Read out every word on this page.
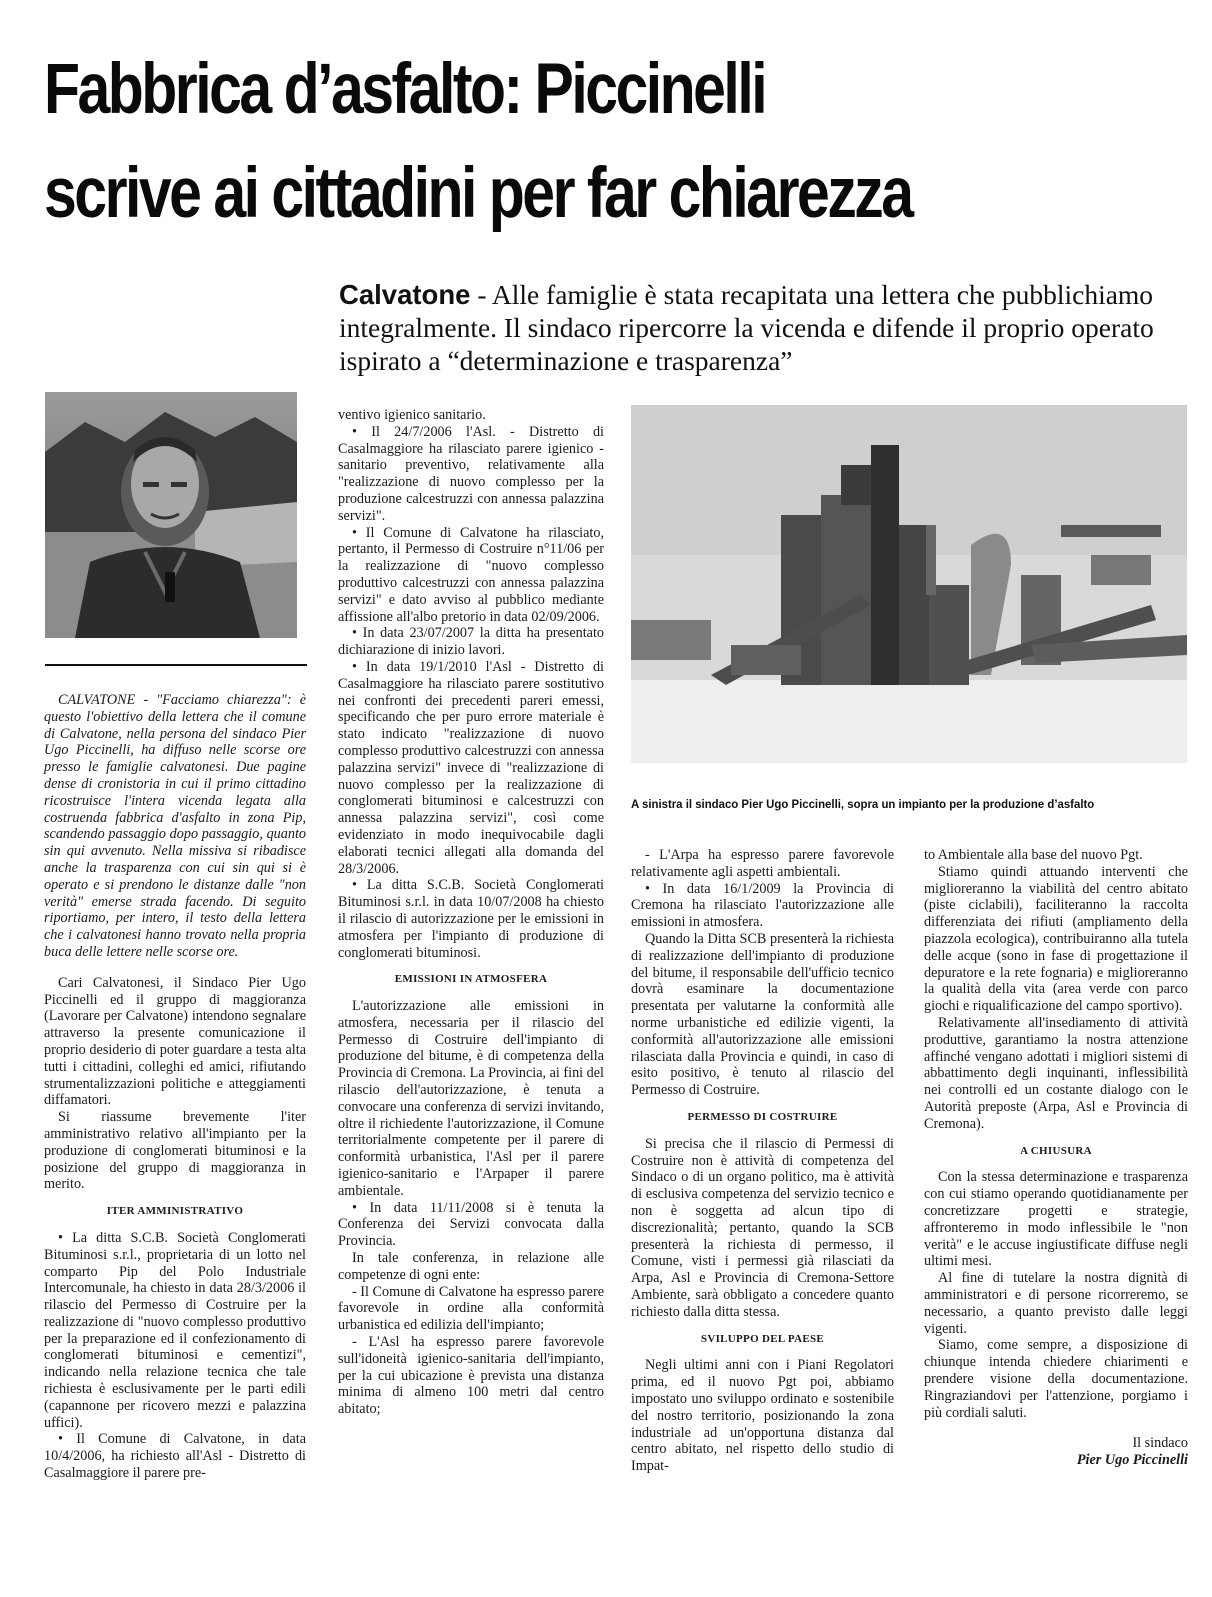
Fabbrica d’asfalto: Piccinelli
scrive ai cittadini per far chiarezza
Calvatone - Alle famiglie è stata recapitata una lettera che pubblichiamo integralmente. Il sindaco ripercorre la vicenda e difende il proprio operato ispirato a “determinazione e trasparenza”
A sinistra il sindaco Pier Ugo Piccinelli, sopra un impianto per la produzione d’asfalto

CALVATONE - "Facciamo chiarezza": è questo l'obiettivo della lettera che il comune di Calvatone, nella persona del sindaco Pier Ugo Piccinelli, ha diffuso nelle scorse ore presso le famiglie calvatonesi. Due pagine dense di cronistoria in cui il primo cittadino ricostruisce l'intera vicenda legata alla costruenda fabbrica d'asfalto in zona Pip, scandendo passaggio dopo passaggio, quanto sin qui avvenuto. Nella missiva si ribadisce anche la trasparenza con cui sin qui si è operato e si prendono le distanze dalle "non verità" emerse strada facendo. Di seguito riportiamo, per intero, il testo della lettera che i calvatonesi hanno trovato nella propria buca delle lettere nelle scorse ore.

Cari Calvatonesi, il Sindaco Pier Ugo Piccinelli ed il gruppo di maggioranza (Lavorare per Calvatone) intendono segnalare attraverso la presente comunicazione il proprio desiderio di poter guardare a testa alta tutti i cittadini, colleghi ed amici, rifiutando strumentalizzazioni politiche e atteggiamenti diffamatori.

Si riassume brevemente l'iter amministrativo relativo all'impianto per la produzione di conglomerati bituminosi e la posizione del gruppo di maggioranza in merito.

ITER AMMINISTRATIVO

• La ditta S.C.B. Società Conglomerati Bituminosi s.r.l., proprietaria di un lotto nel comparto Pip del Polo Industriale Intercomunale, ha chiesto in data 28/3/2006 il rilascio del Permesso di Costruire per la realizzazione di "nuovo complesso produttivo per la preparazione ed il confezionamento di conglomerati bituminosi e cementizi", indicando nella relazione tecnica che tale richiesta è esclusivamente per le parti edili (capannone per ricovero mezzi e palazzina uffici).

• Il Comune di Calvatone, in data 10/4/2006, ha richiesto all'Asl - Distretto di Casalmaggiore il parere pre-

ventivo igienico sanitario.

• Il 24/7/2006 l'Asl. - Distretto di Casalmaggiore ha rilasciato parere igienico - sanitario preventivo, relativamente alla "realizzazione di nuovo complesso per la produzione calcestruzzi con annessa palazzina servizi".

• Il Comune di Calvatone ha rilasciato, pertanto, il Permesso di Costruire n°11/06 per la realizzazione di "nuovo complesso produttivo calcestruzzi con annessa palazzina servizi" e dato avviso al pubblico mediante affissione all'albo pretorio in data 02/09/2006.

• In data 23/07/2007 la ditta ha presentato dichiarazione di inizio lavori.

• In data 19/1/2010 l'Asl - Distretto di Casalmaggiore ha rilasciato parere sostitutivo nei confronti dei precedenti pareri emessi, specificando che per puro errore materiale è stato indicato "realizzazione di nuovo complesso produttivo calcestruzzi con annessa palazzina servizi" invece di "realizzazione di nuovo complesso per la realizzazione di conglomerati bituminosi e calcestruzzi con annessa palazzina servizi", così come evidenziato in modo inequivocabile dagli elaborati tecnici allegati alla domanda del 28/3/2006.

• La ditta S.C.B. Società Conglomerati Bituminosi s.r.l. in data 10/07/2008 ha chiesto il rilascio di autorizzazione per le emissioni in atmosfera per l'impianto di produzione di conglomerati bituminosi.

EMISSIONI IN ATMOSFERA

L'autorizzazione alle emissioni in atmosfera, necessaria per il rilascio del Permesso di Costruire dell'impianto di produzione del bitume, è di competenza della Provincia di Cremona. La Provincia, ai fini del rilascio dell'autorizzazione, è tenuta a convocare una conferenza di servizi invitando, oltre il richiedente l'autorizzazione, il Comune territorialmente competente per il parere di conformità urbanistica, l'Asl per il parere igienico-sanitario e l'Arpaper il parere ambientale.

• In data 11/11/2008 si è tenuta la Conferenza dei Servizi convocata dalla Provincia.

In tale conferenza, in relazione alle competenze di ogni ente:

- Il Comune di Calvatone ha espresso parere favorevole in ordine alla conformità urbanistica ed edilizia dell'impianto;

- L'Asl ha espresso parere favorevole sull'idoneità igienico-sanitaria dell'impianto, per la cui ubicazione è prevista una distanza minima di almeno 100 metri dal centro abitato;

- L'Arpa ha espresso parere favorevole relativamente agli aspetti ambientali.

• In data 16/1/2009 la Provincia di Cremona ha rilasciato l'autorizzazione alle emissioni in atmosfera.

Quando la Ditta SCB presenterà la richiesta di realizzazione dell'impianto di produzione del bitume, il responsabile dell'ufficio tecnico dovrà esaminare la documentazione presentata per valutarne la conformità alle norme urbanistiche ed edilizie vigenti, la conformità all'autorizzazione alle emissioni rilasciata dalla Provincia e quindi, in caso di esito positivo, è tenuto al rilascio del Permesso di Costruire.

PERMESSO DI COSTRUIRE

Si precisa che il rilascio di Permessi di Costruire non è attività di competenza del Sindaco o di un organo politico, ma è attività di esclusiva competenza del servizio tecnico e non è soggetta ad alcun tipo di discrezionalità; pertanto, quando la SCB presenterà la richiesta di permesso, il Comune, visti i permessi già rilasciati da Arpa, Asl e Provincia di Cremona-Settore Ambiente, sarà obbligato a concedere quanto richiesto dalla ditta stessa.

SVILUPPO DEL PAESE

Negli ultimi anni con i Piani Regolatori prima, ed il nuovo Pgt poi, abbiamo impostato uno sviluppo ordinato e sostenibile del nostro territorio, posizionando la zona industriale ad un'opportuna distanza dal centro abitato, nel rispetto dello studio di Impat-

to Ambientale alla base del nuovo Pgt.

Stiamo quindi attuando interventi che miglioreranno la viabilità del centro abitato (piste ciclabili), faciliteranno la raccolta differenziata dei rifiuti (ampliamento della piazzola ecologica), contribuiranno alla tutela delle acque (sono in fase di progettazione il depuratore e la rete fognaria) e miglioreranno la qualità della vita (area verde con parco giochi e riqualificazione del campo sportivo).

Relativamente all'insediamento di attività produttive, garantiamo la nostra attenzione affinché vengano adottati i migliori sistemi di abbattimento degli inquinanti, inflessibilità nei controlli ed un costante dialogo con le Autorità preposte (Arpa, Asl e Provincia di Cremona).

A CHIUSURA

Con la stessa determinazione e trasparenza con cui stiamo operando quotidianamente per concretizzare progetti e strategie, affronteremo in modo inflessibile le "non verità" e le accuse ingiustificate diffuse negli ultimi mesi.

Al fine di tutelare la nostra dignità di amministratori e di persone ricorreremo, se necessario, a quanto previsto dalle leggi vigenti.

Siamo, come sempre, a disposizione di chiunque intenda chiedere chiarimenti e prendere visione della documentazione. Ringraziandovi per l'attenzione, porgiamo i più cordiali saluti.

Il sindaco

Pier Ugo Piccinelli
